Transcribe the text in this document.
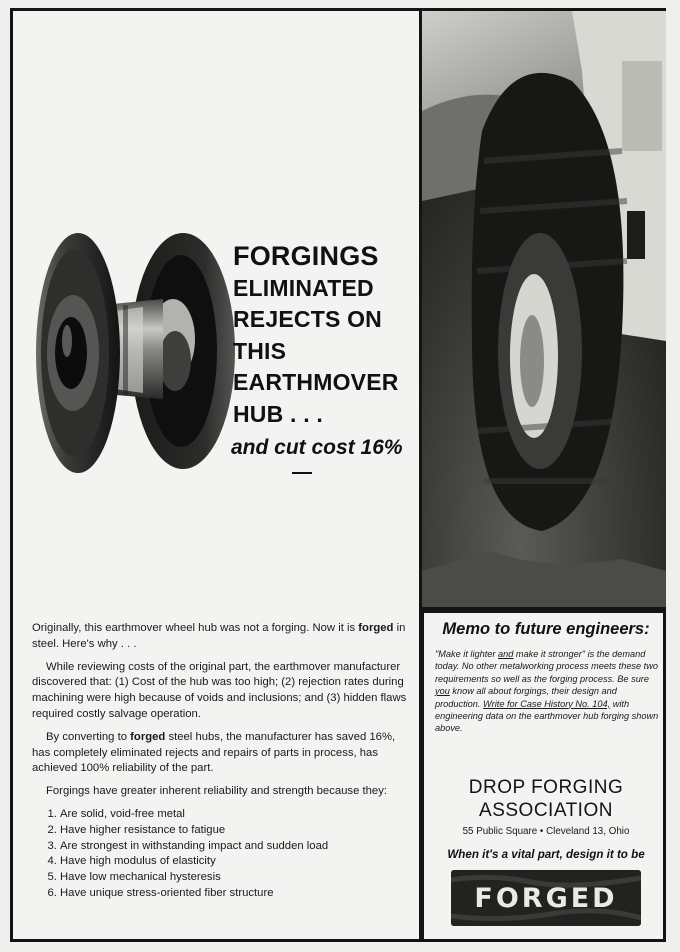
FORGINGS
ELIMINATED
REJECTS ON
THIS
EARTHMOVER
HUB . . .
and cut cost 16%

Originally, this earthmover wheel hub was not a forging. Now it is forged in steel. Here's why . . .

While reviewing costs of the original part, the earthmover manufacturer discovered that: (1) Cost of the hub was too high; (2) rejection rates during machining were high because of voids and inclusions; and (3) hidden flaws required costly salvage operation.

By converting to forged steel hubs, the manufacturer has saved 16%, has completely eliminated rejects and repairs of parts in process, has achieved 100% reliability of the part.

Forgings have greater inherent reliability and strength because they:

1. Are solid, void-free metal
2. Have higher resistance to fatigue
3. Are strongest in withstanding impact and sudden load
4. Have high modulus of elasticity
5. Have low mechanical hysteresis
6. Have unique stress-oriented fiber structure
Memo to future engineers:
"Make it lighter and make it stronger" is the demand today. No other metalworking process meets these two requirements so well as the forging process. Be sure you know all about forgings, their design and production. Write for Case History No. 104, with engineering data on the earthmover hub forging shown above.
DROP FORGING
ASSOCIATION
55 Public Square • Cleveland 13, Ohio
When it's a vital part, design it to be
FORGED
